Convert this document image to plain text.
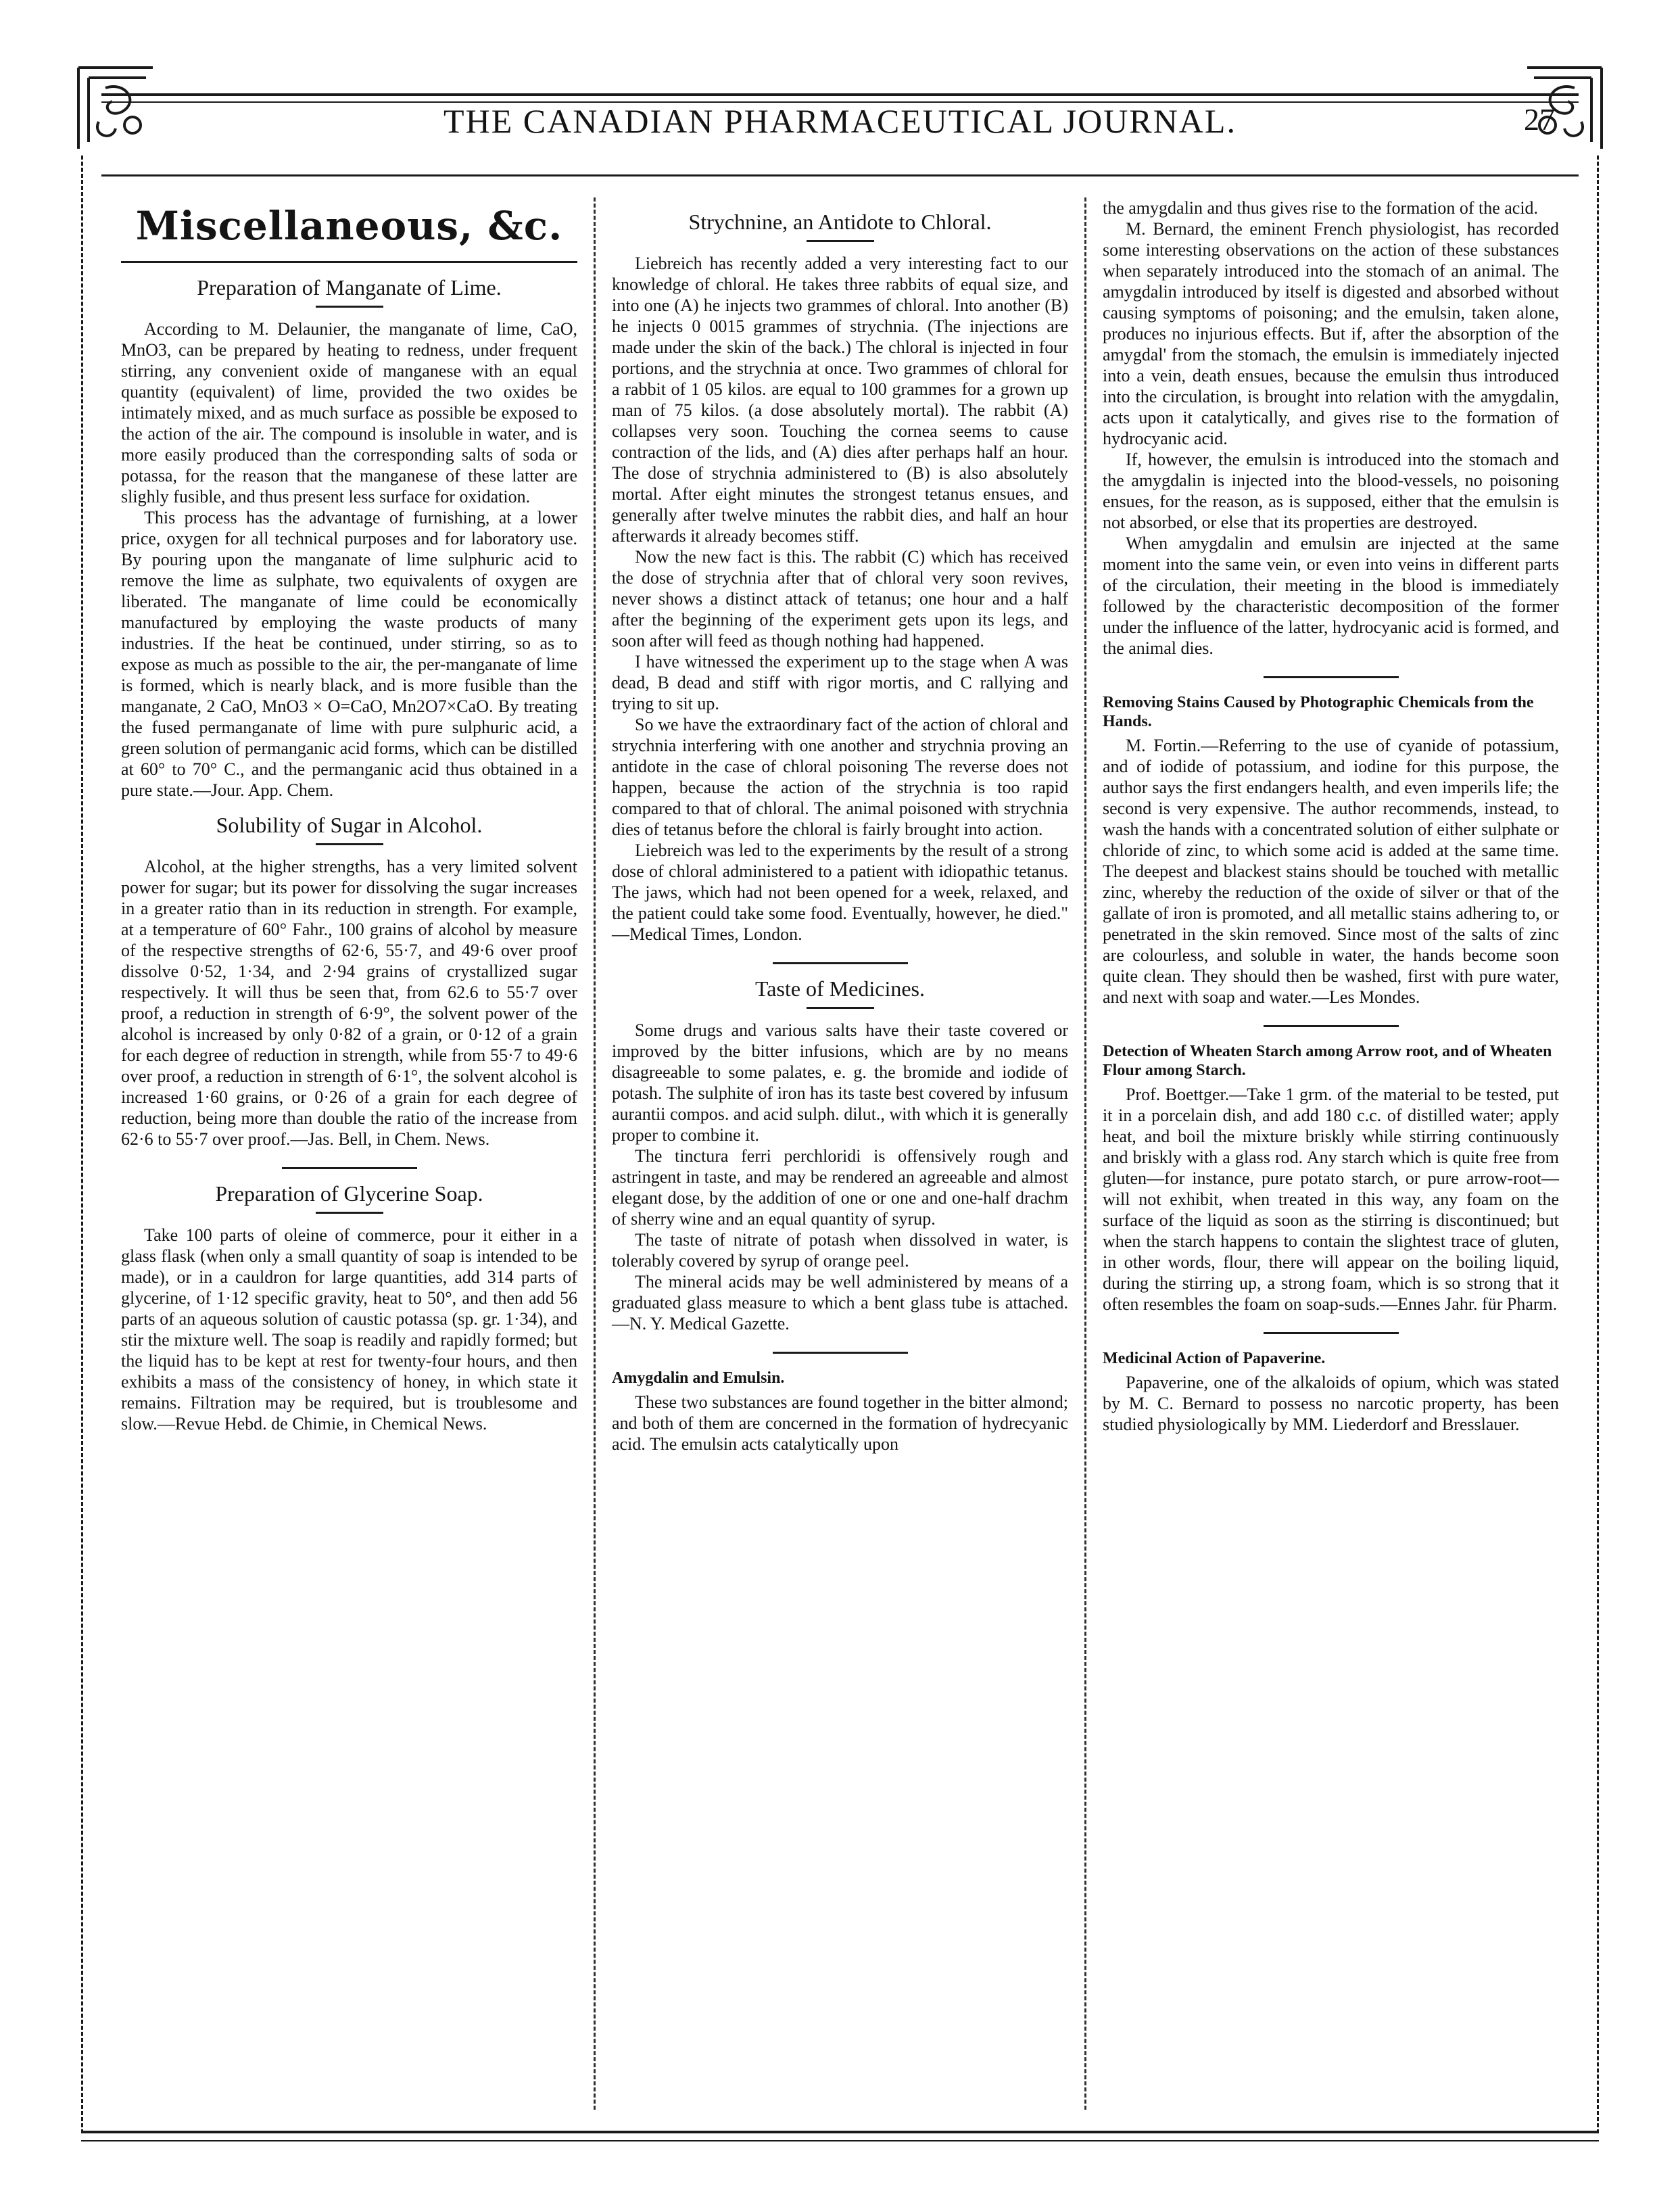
THE CANADIAN PHARMACEUTICAL JOURNAL.	27
Miscellaneous, &c.
Preparation of Manganate of Lime.

According to M. Delaunier, the manganate of lime, CaO, MnO3, can be prepared by heating to redness, under frequent stirring, any convenient oxide of manganese with an equal quantity (equivalent) of lime, provided the two oxides be intimately mixed, and as much surface as possible be exposed to the action of the air. The compound is insoluble in water, and is more easily produced than the corresponding salts of soda or potassa, for the reason that the manganese of these latter are slighly fusible, and thus present less surface for oxidation.

This process has the advantage of furnishing, at a lower price, oxygen for all technical purposes and for laboratory use. By pouring upon the manganate of lime sulphuric acid to remove the lime as sulphate, two equivalents of oxygen are liberated. The manganate of lime could be economically manufactured by employing the waste products of many industries. If the heat be continued, under stirring, so as to expose as much as possible to the air, the per-manganate of lime is formed, which is nearly black, and is more fusible than the manganate, 2 CaO, MnO3 × O=CaO, Mn2O7×CaO. By treating the fused permanganate of lime with pure sulphuric acid, a green solution of permanganic acid forms, which can be distilled at 60° to 70° C., and the permanganic acid thus obtained in a pure state.—Jour. App. Chem.

Solubility of Sugar in Alcohol.

Alcohol, at the higher strengths, has a very limited solvent power for sugar; but its power for dissolving the sugar increases in a greater ratio than in its reduction in strength. For example, at a temperature of 60° Fahr., 100 grains of alcohol by measure of the respective strengths of 62·6, 55·7, and 49·6 over proof dissolve 0·52, 1·34, and 2·94 grains of crystallized sugar respectively. It will thus be seen that, from 62.6 to 55·7 over proof, a reduction in strength of 6·9°, the solvent power of the alcohol is increased by only 0·82 of a grain, or 0·12 of a grain for each degree of reduction in strength, while from 55·7 to 49·6 over proof, a reduction in strength of 6·1°, the solvent alcohol is increased 1·60 grains, or 0·26 of a grain for each degree of reduction, being more than double the ratio of the increase from 62·6 to 55·7 over proof.—Jas. Bell, in Chem. News.

Preparation of Glycerine Soap.

Take 100 parts of oleine of commerce, pour it either in a glass flask (when only a small quantity of soap is intended to be made), or in a cauldron for large quantities, add 314 parts of glycerine, of 1·12 specific gravity, heat to 50°, and then add 56 parts of an aqueous solution of caustic potassa (sp. gr. 1·34), and stir the mixture well. The soap is readily and rapidly formed; but the liquid has to be kept at rest for twenty-four hours, and then exhibits a mass of the consistency of honey, in which state it remains. Filtration may be required, but is troublesome and slow.—Revue Hebd. de Chimie, in Chemical News.

Strychnine, an Antidote to Chloral.

Liebreich has recently added a very interesting fact to our knowledge of chloral. He takes three rabbits of equal size, and into one (A) he injects two grammes of chloral. Into another (B) he injects 0 0015 grammes of strychnia. (The injections are made under the skin of the back.) The chloral is injected in four portions, and the strychnia at once. Two grammes of chloral for a rabbit of 1 05 kilos. are equal to 100 grammes for a grown up man of 75 kilos. (a dose absolutely mortal). The rabbit (A) collapses very soon. Touching the cornea seems to cause contraction of the lids, and (A) dies after perhaps half an hour. The dose of strychnia administered to (B) is also absolutely mortal. After eight minutes the strongest tetanus ensues, and generally after twelve minutes the rabbit dies, and half an hour afterwards it already becomes stiff.

Now the new fact is this. The rabbit (C) which has received the dose of strychnia after that of chloral very soon revives, never shows a distinct attack of tetanus; one hour and a half after the beginning of the experiment gets upon its legs, and soon after will feed as though nothing had happened.

I have witnessed the experiment up to the stage when A was dead, B dead and stiff with rigor mortis, and C rallying and trying to sit up.

So we have the extraordinary fact of the action of chloral and strychnia interfering with one another and strychnia proving an antidote in the case of chloral poisoning The reverse does not happen, because the action of the strychnia is too rapid compared to that of chloral. The animal poisoned with strychnia dies of tetanus before the chloral is fairly brought into action.

Liebreich was led to the experiments by the result of a strong dose of chloral administered to a patient with idiopathic tetanus. The jaws, which had not been opened for a week, relaxed, and the patient could take some food. Eventually, however, he died." —Medical Times, London.

Taste of Medicines.

Some drugs and various salts have their taste covered or improved by the bitter infusions, which are by no means disagreeable to some palates, e. g. the bromide and iodide of potash. The sulphite of iron has its taste best covered by infusum aurantii compos. and acid sulph. dilut., with which it is generally proper to combine it.

The tinctura ferri perchloridi is offensively rough and astringent in taste, and may be rendered an agreeable and almost elegant dose, by the addition of one or one and one-half drachm of sherry wine and an equal quantity of syrup.

The taste of nitrate of potash when dissolved in water, is tolerably covered by syrup of orange peel.

The mineral acids may be well administered by means of a graduated glass measure to which a bent glass tube is attached.—N. Y. Medical Gazette.

Amygdalin and Emulsin.

These two substances are found together in the bitter almond; and both of them are concerned in the formation of hydrecyanic acid. The emulsin acts catalytically upon

the amygdalin and thus gives rise to the formation of the acid.

M. Bernard, the eminent French physiologist, has recorded some interesting observations on the action of these substances when separately introduced into the stomach of an animal. The amygdalin introduced by itself is digested and absorbed without causing symptoms of poisoning; and the emulsin, taken alone, produces no injurious effects. But if, after the absorption of the amygdal' from the stomach, the emulsin is immediately injected into a vein, death ensues, because the emulsin thus introduced into the circulation, is brought into relation with the amygdalin, acts upon it catalytically, and gives rise to the formation of hydrocyanic acid.

If, however, the emulsin is introduced into the stomach and the amygdalin is injected into the blood-vessels, no poisoning ensues, for the reason, as is supposed, either that the emulsin is not absorbed, or else that its properties are destroyed.

When amygdalin and emulsin are injected at the same moment into the same vein, or even into veins in different parts of the circulation, their meeting in the blood is immediately followed by the characteristic decomposition of the former under the influence of the latter, hydrocyanic acid is formed, and the animal dies.

Removing Stains Caused by Photographic Chemicals from the Hands.

M. Fortin.—Referring to the use of cyanide of potassium, and of iodide of potassium, and iodine for this purpose, the author says the first endangers health, and even imperils life; the second is very expensive. The author recommends, instead, to wash the hands with a concentrated solution of either sulphate or chloride of zinc, to which some acid is added at the same time. The deepest and blackest stains should be touched with metallic zinc, whereby the reduction of the oxide of silver or that of the gallate of iron is promoted, and all metallic stains adhering to, or penetrated in the skin removed. Since most of the salts of zinc are colourless, and soluble in water, the hands become soon quite clean. They should then be washed, first with pure water, and next with soap and water.—Les Mondes.

Detection of Wheaten Starch among Arrow root, and of Wheaten Flour among Starch.

Prof. Boettger.—Take 1 grm. of the material to be tested, put it in a porcelain dish, and add 180 c.c. of distilled water; apply heat, and boil the mixture briskly while stirring continuously and briskly with a glass rod. Any starch which is quite free from gluten—for instance, pure potato starch, or pure arrow-root—will not exhibit, when treated in this way, any foam on the surface of the liquid as soon as the stirring is discontinued; but when the starch happens to contain the slightest trace of gluten, in other words, flour, there will appear on the boiling liquid, during the stirring up, a strong foam, which is so strong that it often resembles the foam on soap-suds.—Ennes Jahr. für Pharm.

Medicinal Action of Papaverine.

Papaverine, one of the alkaloids of opium, which was stated by M. C. Bernard to possess no narcotic property, has been studied physiologically by MM. Liederdorf and Bresslauer.
